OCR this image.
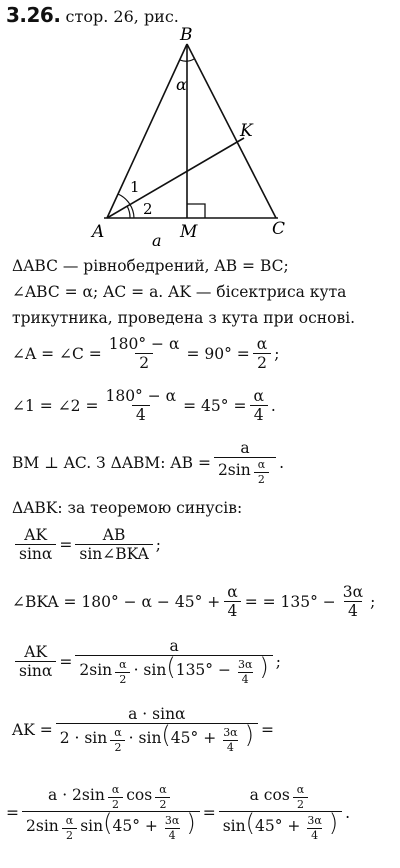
3.26. стор. 26, рис.
A
B
C
K
M
a
α
1
2
ΔABC — рівнобедрений, AB = BC;
∠ABC = α; AC = a. AK — бісектриса кута
трикутника, проведена з кута при основі.
∠A = ∠C = $\frac{180^\circ - \alpha}{2} = 90^\circ = \frac{\alpha}{2}$ ;
∠1 = ∠2 = $\frac{180^\circ - \alpha}{4} = 45^\circ = \frac{\alpha}{4}$ .
BM ⊥ AC. З ΔABM: AB = $\frac{a}{2\sin \frac{\alpha}{2}}$ .
ΔABK: за теоремою синусів:
$\frac{AK}{\sin\alpha} = \frac{AB}{\text{sin∠BKA}}$ ;
∠BKA = $180^\circ - \alpha - 45^\circ + \frac{\alpha}{4}$ = = $135^\circ - \frac{3\alpha}{4}$ ;
$\frac{AK}{\sin\alpha} = \frac{a}{2\sin \frac{\alpha}{2} \cdot \sin(135^\circ - \frac{3\alpha}{4} )}$ ;
AK = $\frac{a \cdot \sin\alpha}{2 \cdot \sin \frac{\alpha}{2} \cdot \sin(45^\circ + \frac{3\alpha}{4} )}$ =
= $\frac{a \cdot 2\sin \frac{\alpha}{2} \cos \frac{\alpha}{2}}{2\sin \frac{\alpha}{2} \sin(45^\circ + \frac{3\alpha}{4} )} = \frac{a \cos \frac{\alpha}{2}}{\sin(45^\circ + \frac{3\alpha}{4} )}$ .
